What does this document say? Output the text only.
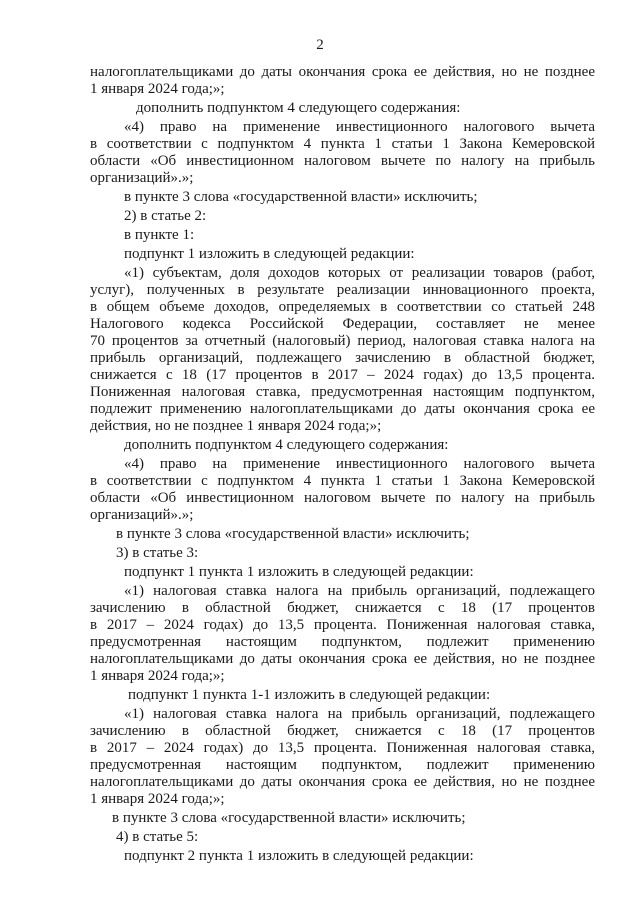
2
налогоплательщиками до даты окончания срока ее действия, но не позднее
1 января 2024 года;»;
дополнить подпунктом 4 следующего содержания:
«4) право на применение инвестиционного налогового вычета
в соответствии с подпунктом 4 пункта 1 статьи 1 Закона Кемеровской
области «Об инвестиционном налоговом вычете по налогу на прибыль
организаций».»;
в пункте 3 слова «государственной власти» исключить;
2) в статье 2:
в пункте 1:
подпункт 1 изложить в следующей редакции:
«1) субъектам, доля доходов которых от реализации товаров (работ,
услуг), полученных в результате реализации инновационного проекта,
в общем объеме доходов, определяемых в соответствии со статьей 248
Налогового кодекса Российской Федерации, составляет не менее
70 процентов за отчетный (налоговый) период, налоговая ставка налога на
прибыль организаций, подлежащего зачислению в областной бюджет,
снижается с 18 (17 процентов в 2017 – 2024 годах) до 13,5 процента.
Пониженная налоговая ставка, предусмотренная настоящим подпунктом,
подлежит применению налогоплательщиками до даты окончания срока ее
действия, но не позднее 1 января 2024 года;»;
дополнить подпунктом 4 следующего содержания:
«4) право на применение инвестиционного налогового вычета
в соответствии с подпунктом 4 пункта 1 статьи 1 Закона Кемеровской
области «Об инвестиционном налоговом вычете по налогу на прибыль
организаций».»;
в пункте 3 слова «государственной власти» исключить;
3) в статье 3:
подпункт 1 пункта 1 изложить в следующей редакции:
«1) налоговая ставка налога на прибыль организаций, подлежащего
зачислению в областной бюджет, снижается с 18 (17 процентов
в 2017 – 2024 годах) до 13,5 процента. Пониженная налоговая ставка,
предусмотренная настоящим подпунктом, подлежит применению
налогоплательщиками до даты окончания срока ее действия, но не позднее
1 января 2024 года;»;
подпункт 1 пункта 1-1 изложить в следующей редакции:
«1) налоговая ставка налога на прибыль организаций, подлежащего
зачислению в областной бюджет, снижается с 18 (17 процентов
в 2017 – 2024 годах) до 13,5 процента. Пониженная налоговая ставка,
предусмотренная настоящим подпунктом, подлежит применению
налогоплательщиками до даты окончания срока ее действия, но не позднее
1 января 2024 года;»;
в пункте 3 слова «государственной власти» исключить;
4) в статье 5:
подпункт 2 пункта 1 изложить в следующей редакции:
